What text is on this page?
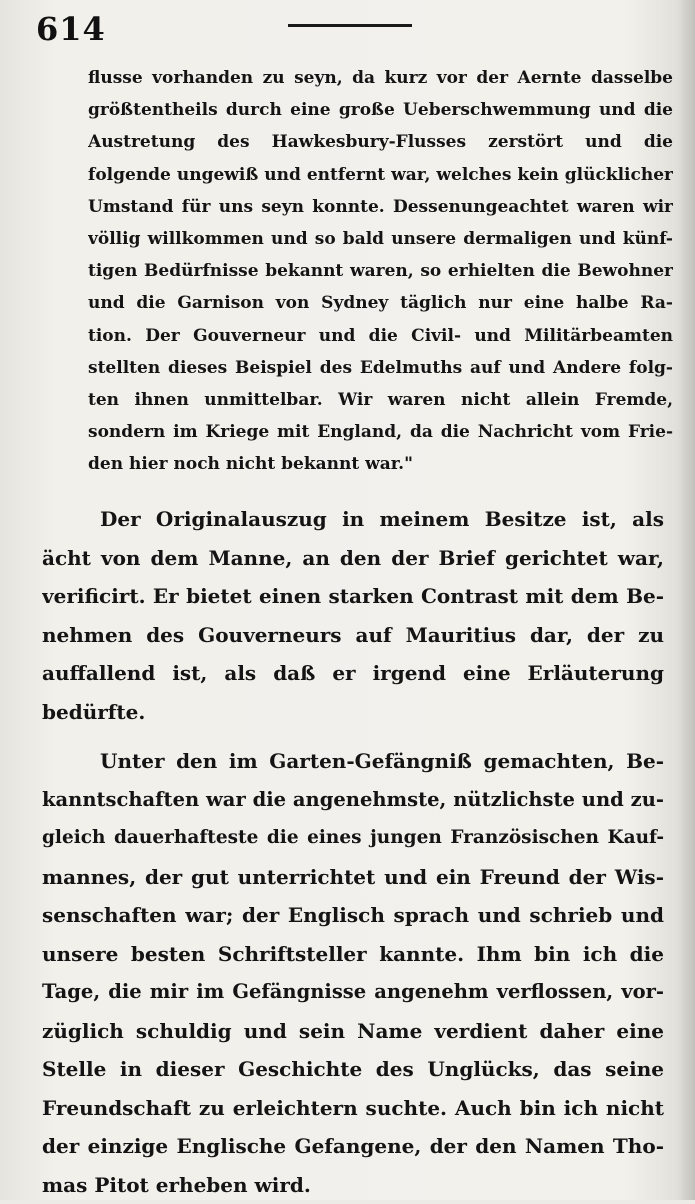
614
flusse vorhanden zu seyn, da kurz vor der Aernte dasselbe
größtentheils durch eine große Ueberschwemmung und die
Austretung des Hawkesbury-Flusses zerstört und die
folgende ungewiß und entfernt war, welches kein glücklicher
Umstand für uns seyn konnte. Dessenungeachtet waren wir
völlig willkommen und so bald unsere dermaligen und künf-
tigen Bedürfnisse bekannt waren, so erhielten die Bewohner
und die Garnison von Sydney täglich nur eine halbe Ra-
tion. Der Gouverneur und die Civil- und Militärbeamten
stellten dieses Beispiel des Edelmuths auf und Andere folg-
ten ihnen unmittelbar. Wir waren nicht allein Fremde,
sondern im Kriege mit England, da die Nachricht vom Frie-
den hier noch nicht bekannt war."
Der Originalauszug in meinem Besitze ist, als
ächt von dem Manne, an den der Brief gerichtet war,
verificirt. Er bietet einen starken Contrast mit dem Be-
nehmen des Gouverneurs auf Mauritius dar, der zu
auffallend ist, als daß er irgend eine Erläuterung
bedürfte.
Unter den im Garten-Gefängniß gemachten, Be-
kanntschaften war die angenehmste, nützlichste und zu-
gleich dauerhafteste die eines jungen Französischen Kauf-
mannes, der gut unterrichtet und ein Freund der Wis-
senschaften war; der Englisch sprach und schrieb und
unsere besten Schriftsteller kannte. Ihm bin ich die
Tage, die mir im Gefängnisse angenehm verflossen, vor-
züglich schuldig und sein Name verdient daher eine
Stelle in dieser Geschichte des Unglücks, das seine
Freundschaft zu erleichtern suchte. Auch bin ich nicht
der einzige Englische Gefangene, der den Namen Tho-
mas Pitot erheben wird.
